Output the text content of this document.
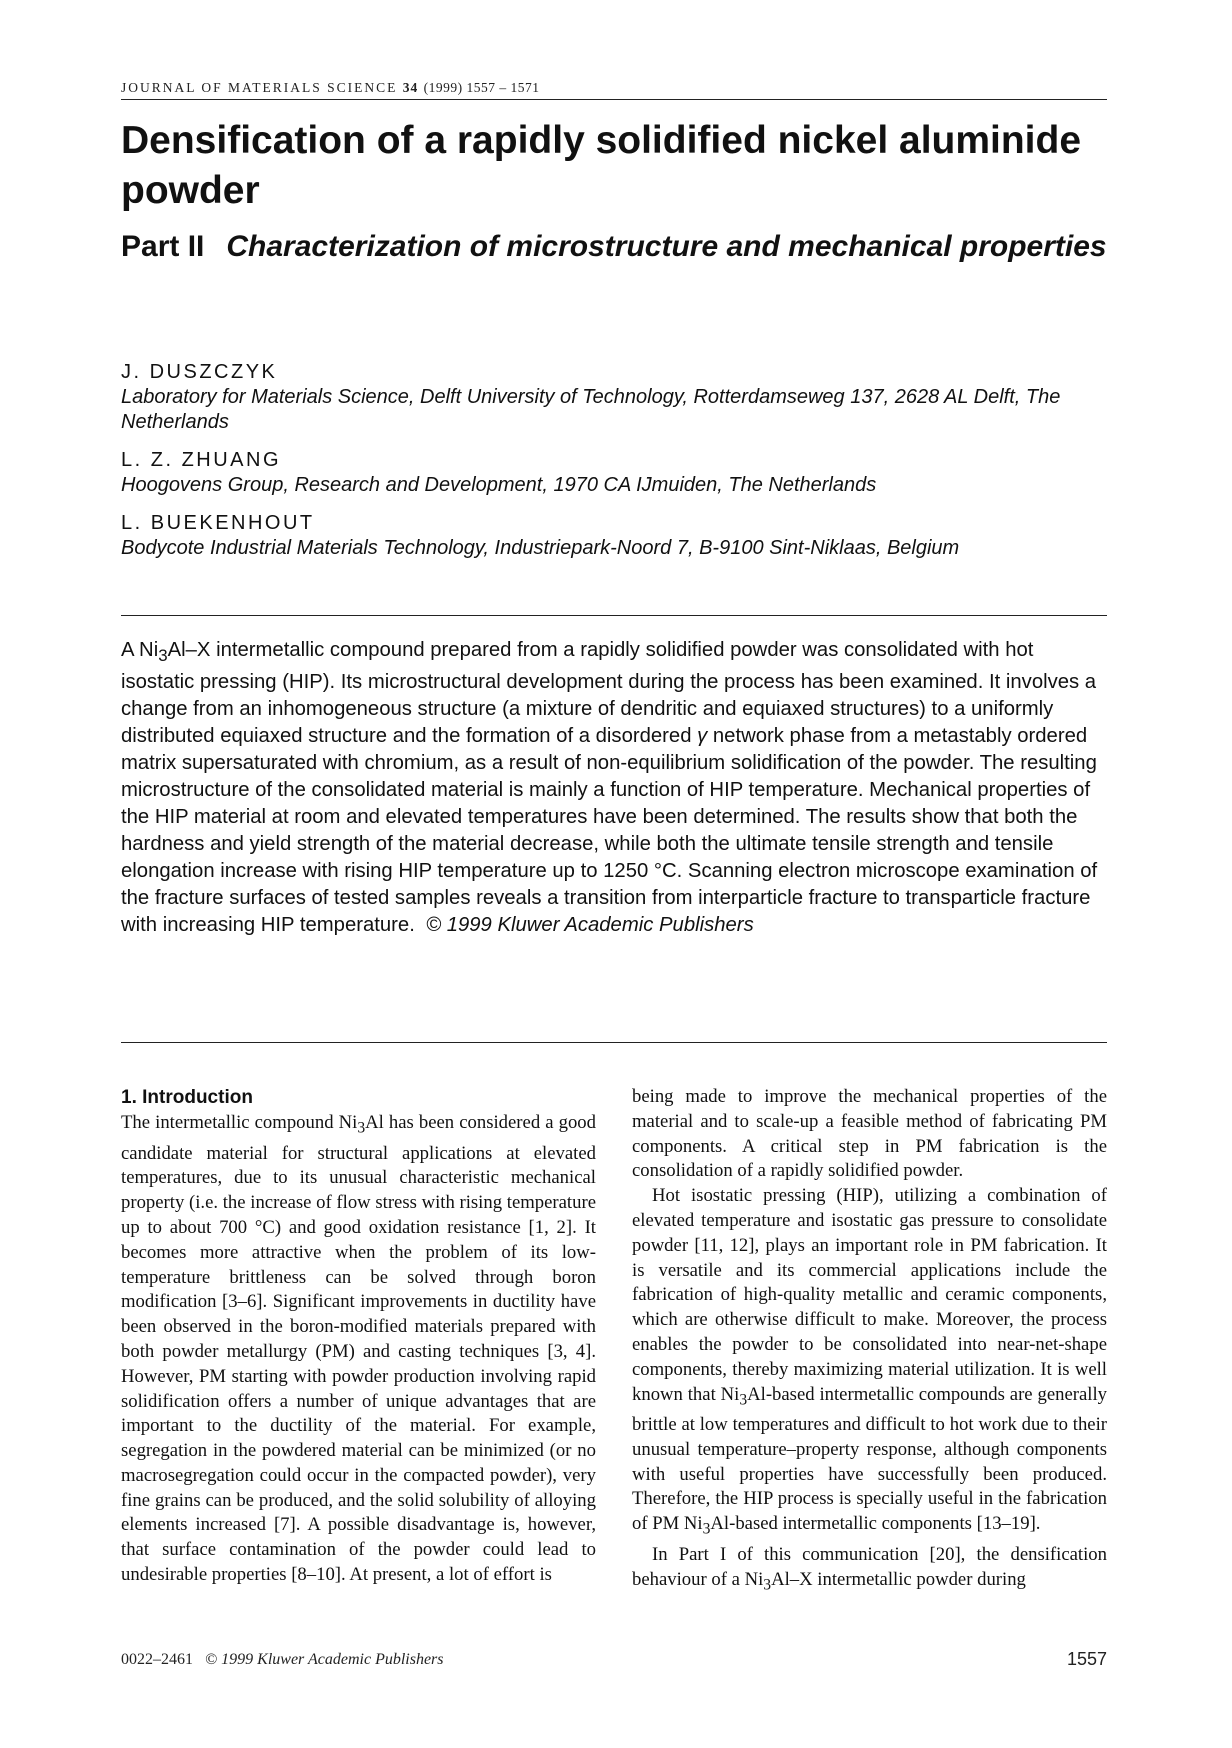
JOURNAL OF MATERIALS SCIENCE 34 (1999) 1557 – 1571
Densification of a rapidly solidified nickel aluminide powder
Part II Characterization of microstructure and mechanical properties

J. DUSZCZYK

Laboratory for Materials Science, Delft University of Technology, Rotterdamseweg 137, 2628 AL Delft, The Netherlands

L. Z. ZHUANG

Hoogovens Group, Research and Development, 1970 CA IJmuiden, The Netherlands

L. BUEKENHOUT

Bodycote Industrial Materials Technology, Industriepark-Noord 7, B-9100 Sint-Niklaas, Belgium

A $Ni_3Al-X$ intermetallic compound prepared from a rapidly solidified powder was consolidated with hot isostatic pressing (HIP). Its microstructural development during the process has been examined. It involves a change from an inhomogeneous structure (a mixture of dendritic and equiaxed structures) to a uniformly distributed equiaxed structure and the formation of a disordered γ network phase from a metastably ordered matrix supersaturated with chromium, as a result of non-equilibrium solidification of the powder. The resulting microstructure of the consolidated material is mainly a function of HIP temperature. Mechanical properties of the HIP material at room and elevated temperatures have been determined. The results show that both the hardness and yield strength of the material decrease, while both the ultimate tensile strength and tensile elongation increase with rising HIP temperature up to 1250 °C. Scanning electron microscope examination of the fracture surfaces of tested samples reveals a transition from interparticle fracture to transparticle fracture with increasing HIP temperature. © 1999 Kluwer Academic Publishers

1. Introduction

The intermetallic compound $Ni_3Al$ has been considered a good candidate material for structural applications at elevated temperatures, due to its unusual characteristic mechanical property (i.e. the increase of flow stress with rising temperature up to about 700 °C) and good oxidation resistance [1, 2]. It becomes more attractive when the problem of its low-temperature brittleness can be solved through boron modification [3–6]. Significant improvements in ductility have been observed in the boron-modified materials prepared with both powder metallurgy (PM) and casting techniques [3, 4]. However, PM starting with powder production involving rapid solidification offers a number of unique advantages that are important to the ductility of the material. For example, segregation in the powdered material can be minimized (or no macrosegregation could occur in the compacted powder), very fine grains can be produced, and the solid solubility of alloying elements increased [7]. A possible disadvantage is, however, that surface contamination of the powder could lead to undesirable properties [8–10]. At present, a lot of effort is

being made to improve the mechanical properties of the material and to scale-up a feasible method of fabricating PM components. A critical step in PM fabrication is the consolidation of a rapidly solidified powder.

Hot isostatic pressing (HIP), utilizing a combination of elevated temperature and isostatic gas pressure to consolidate powder [11, 12], plays an important role in PM fabrication. It is versatile and its commercial applications include the fabrication of high-quality metallic and ceramic components, which are otherwise difficult to make. Moreover, the process enables the powder to be consolidated into near-net-shape components, thereby maximizing material utilization. It is well known that $Ni_3Al$-based intermetallic compounds are generally brittle at low temperatures and difficult to hot work due to their unusual temperature–property response, although components with useful properties have successfully been produced. Therefore, the HIP process is specially useful in the fabrication of PM $Ni_3Al$-based intermetallic components [13–19].

In Part I of this communication [20], the densification behaviour of a $Ni_3Al-X$ intermetallic powder during

0022–2461 © 1999 Kluwer Academic Publishers	1557
